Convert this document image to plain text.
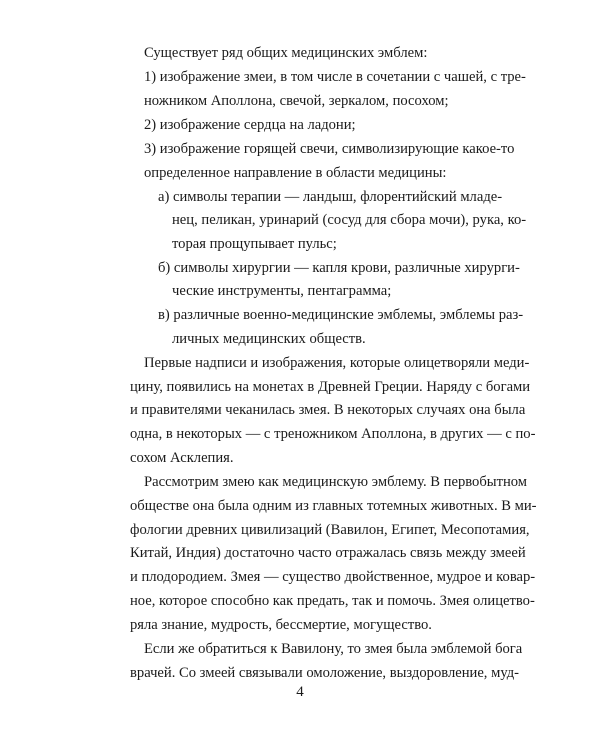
Существует ряд общих медицинских эмблем:

1) изображение змеи, в том числе в сочетании с чашей, с тре-

ножником Аполлона, свечой, зеркалом, посохом;

2) изображение сердца на ладони;

3) изображение горящей свечи, символизирующие какое-то

определенное направление в области медицины:

а) символы терапии — ландыш, флорентийский младе-

нец, пеликан, уринарий (сосуд для сбора мочи), рука, ко-

торая прощупывает пульс;

б) символы хирургии — капля крови, различные хирурги-

ческие инструменты, пентаграмма;

в) различные военно-медицинские эмблемы, эмблемы раз-

личных медицинских обществ.

Первые надписи и изображения, которые олицетворяли меди-

цину, появились на монетах в Древней Греции. Наряду с богами

и правителями чеканилась змея. В некоторых случаях она была

одна, в некоторых — с треножником Аполлона, в других — с по-

сохом Асклепия.

Рассмотрим змею как медицинскую эмблему. В первобытном

обществе она была одним из главных тотемных животных. В ми-

фологии древних цивилизаций (Вавилон, Египет, Месопотамия,

Китай, Индия) достаточно часто отражалась связь между змеей

и плодородием. Змея — существо двойственное, мудрое и ковар-

ное, которое способно как предать, так и помочь. Змея олицетво-

ряла знание, мудрость, бессмертие, могущество.

Если же обратиться к Вавилону, то змея была эмблемой бога

врачей. Со змеей связывали омоложение, выздоровление, муд-

4
